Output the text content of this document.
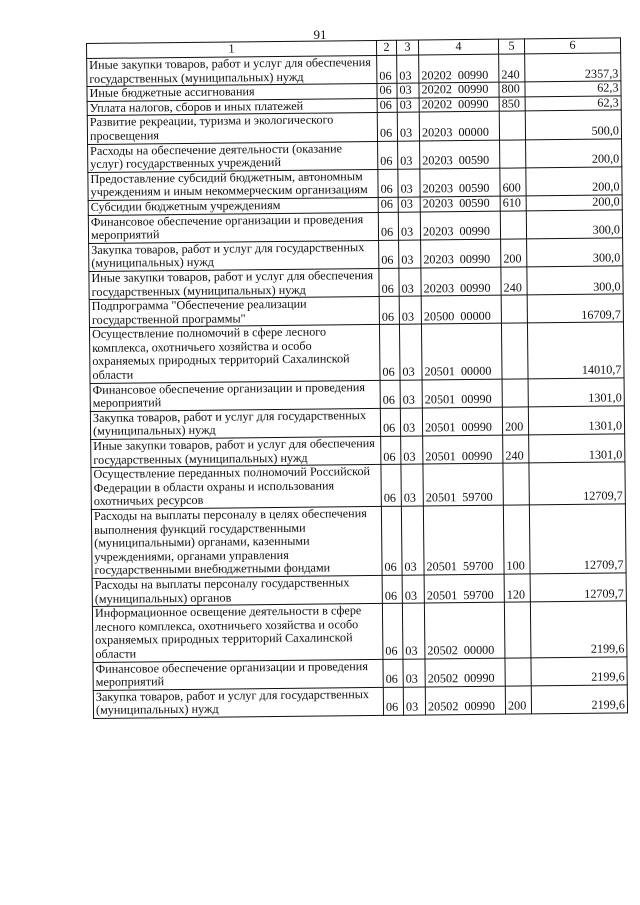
91
1	2	3	4	5	6
Иные закупки товаров, работ и услуг для обеспечения государственных (муниципальных) нужд	06	03	20202 00990	240	2357,3
Иные бюджетные ассигнования	06	03	20202 00990	800	62,3
Уплата налогов, сборов и иных платежей	06	03	20202 00990	850	62,3
Развитие рекреации, туризма и экологического просвещения	06	03	20203 00000		500,0
Расходы на обеспечение деятельности (оказание услуг) государственных учреждений	06	03	20203 00590		200,0
Предоставление субсидий бюджетным, автономным учреждениям и иным некоммерческим организациям	06	03	20203 00590	600	200,0
Субсидии бюджетным учреждениям	06	03	20203 00590	610	200,0
Финансовое обеспечение организации и проведения мероприятий	06	03	20203 00990		300,0
Закупка товаров, работ и услуг для государственных (муниципальных) нужд	06	03	20203 00990	200	300,0
Иные закупки товаров, работ и услуг для обеспечения государственных (муниципальных) нужд	06	03	20203 00990	240	300,0
Подпрограмма "Обеспечение реализации государственной программы"	06	03	20500 00000		16709,7
Осуществление полномочий в сфере лесного комплекса, охотничьего хозяйства и особо охраняемых природных территорий Сахалинской области	06	03	20501 00000		14010,7
Финансовое обеспечение организации и проведения мероприятий	06	03	20501 00990		1301,0
Закупка товаров, работ и услуг для государственных (муниципальных) нужд	06	03	20501 00990	200	1301,0
Иные закупки товаров, работ и услуг для обеспечения государственных (муниципальных) нужд	06	03	20501 00990	240	1301,0
Осуществление переданных полномочий Российской Федерации в области охраны и использования охотничьих ресурсов	06	03	20501 59700		12709,7
Расходы на выплаты персоналу в целях обеспечения выполнения функций государственными (муниципальными) органами, казенными учреждениями, органами управления государственными внебюджетными фондами	06	03	20501 59700	100	12709,7
Расходы на выплаты персоналу государственных (муниципальных) органов	06	03	20501 59700	120	12709,7
Информационное освещение деятельности в сфере лесного комплекса, охотничьего хозяйства и особо охраняемых природных территорий Сахалинской области	06	03	20502 00000		2199,6
Финансовое обеспечение организации и проведения мероприятий	06	03	20502 00990		2199,6
Закупка товаров, работ и услуг для государственных (муниципальных) нужд	06	03	20502 00990	200	2199,6
